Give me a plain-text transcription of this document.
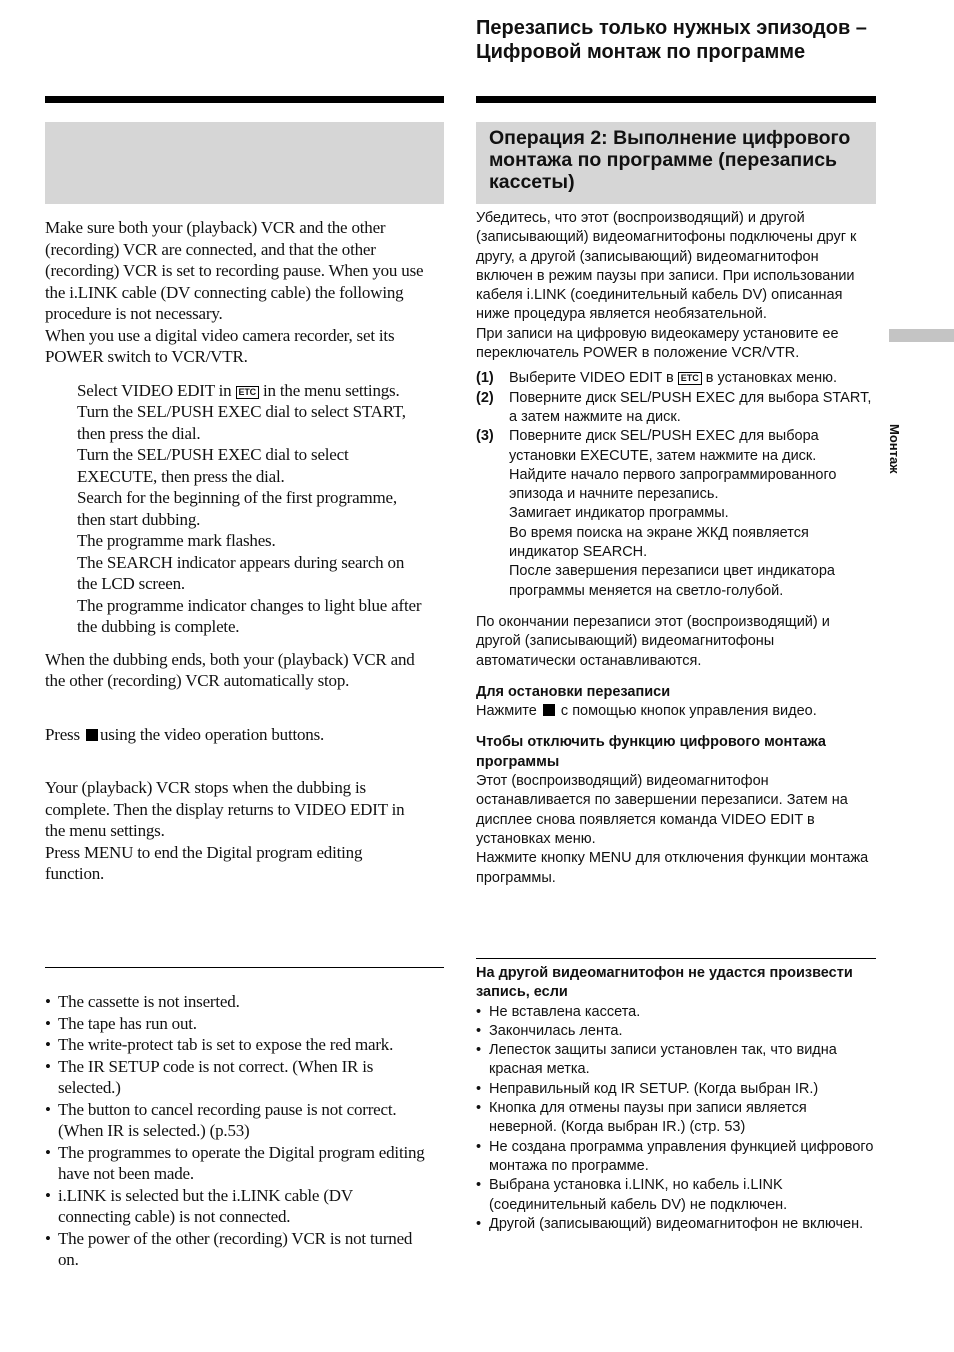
Перезапись только нужных эпизодов – Цифровой монтаж по программе
Операция 2: Выполнение цифрового монтажа по программе (перезапись кассеты)
Монтаж
Make sure both your (playback) VCR and the other (recording) VCR are connected, and that the other (recording) VCR is set to recording pause. When you use the i.LINK cable (DV connecting cable) the following procedure is not necessary.
When you use a digital video camera recorder, set its POWER switch to VCR/VTR.
Select VIDEO EDIT in ETC in the menu settings.
Turn the SEL/PUSH EXEC dial to select START, then press the dial.
Turn the SEL/PUSH EXEC dial to select EXECUTE, then press the dial.
Search for the beginning of the first programme, then start dubbing.
The programme mark flashes.
The SEARCH indicator appears during search on the LCD screen.
The programme indicator changes to light blue after the dubbing is complete.
When the dubbing ends, both your (playback) VCR and the other (recording) VCR automatically stop.
Press using the video operation buttons.
Your (playback) VCR stops when the dubbing is complete. Then the display returns to VIDEO EDIT in the menu settings.
Press MENU to end the Digital program editing function.
• The cassette is not inserted.
• The tape has run out.
• The write-protect tab is set to expose the red mark.
• The IR SETUP code is not correct. (When IR is selected.)
• The button to cancel recording pause is not correct. (When IR is selected.) (p.53)
• The programmes to operate the Digital program editing have not been made.
• i.LINK is selected but the i.LINK cable (DV connecting cable) is not connected.
• The power of the other (recording) VCR is not turned on.
Убедитесь, что этот (воспроизводящий) и другой (записывающий) видеомагнитофоны подключены друг к другу, а другой (записывающий) видеомагнитофон включен в режим паузы при записи. При использовании кабеля i.LINK (соединительный кабель DV) описанная ниже процедура является необязательной.
При записи на цифровую видеокамеру установите ее переключатель POWER в положение VCR/VTR.
(1) Выберите VIDEO EDIT в ETC в установках меню.
(2) Поверните диск SEL/PUSH EXEC для выбора START, а затем нажмите на диск.
(3) Поверните диск SEL/PUSH EXEC для выбора установки EXECUTE, затем нажмите на диск.
Найдите начало первого запрограммированного эпизода и начните перезапись.
Замигает индикатор программы.
Во время поиска на экране ЖКД появляется индикатор SEARCH.
После завершения перезаписи цвет индикатора программы меняется на светло-голубой.
По окончании перезаписи этот (воспроизводящий) и другой (записывающий) видеомагнитофоны автоматически останавливаются.
Для остановки перезаписи
Нажмите с помощью кнопок управления видео.
Чтобы отключить функцию цифрового монтажа программы
Этот (воспроизводящий) видеомагнитофон останавливается по завершении перезаписи. Затем на дисплее снова появляется команда VIDEO EDIT в установках меню.
Нажмите кнопку MENU для отключения функции монтажа программы.
На другой видеомагнитофон не удастся произвести запись, если
• Не вставлена кассета.
• Закончилась лента.
• Лепесток защиты записи установлен так, что видна красная метка.
• Неправильный код IR SETUP. (Когда выбран IR.)
• Кнопка для отмены паузы при записи является неверной. (Когда выбран IR.) (стр. 53)
• Не создана программа управления функцией цифрового монтажа по программе.
• Выбрана установка i.LINK, но кабель i.LINK (соединительный кабель DV) не подключен.
• Другой (записывающий) видеомагнитофон не включен.
